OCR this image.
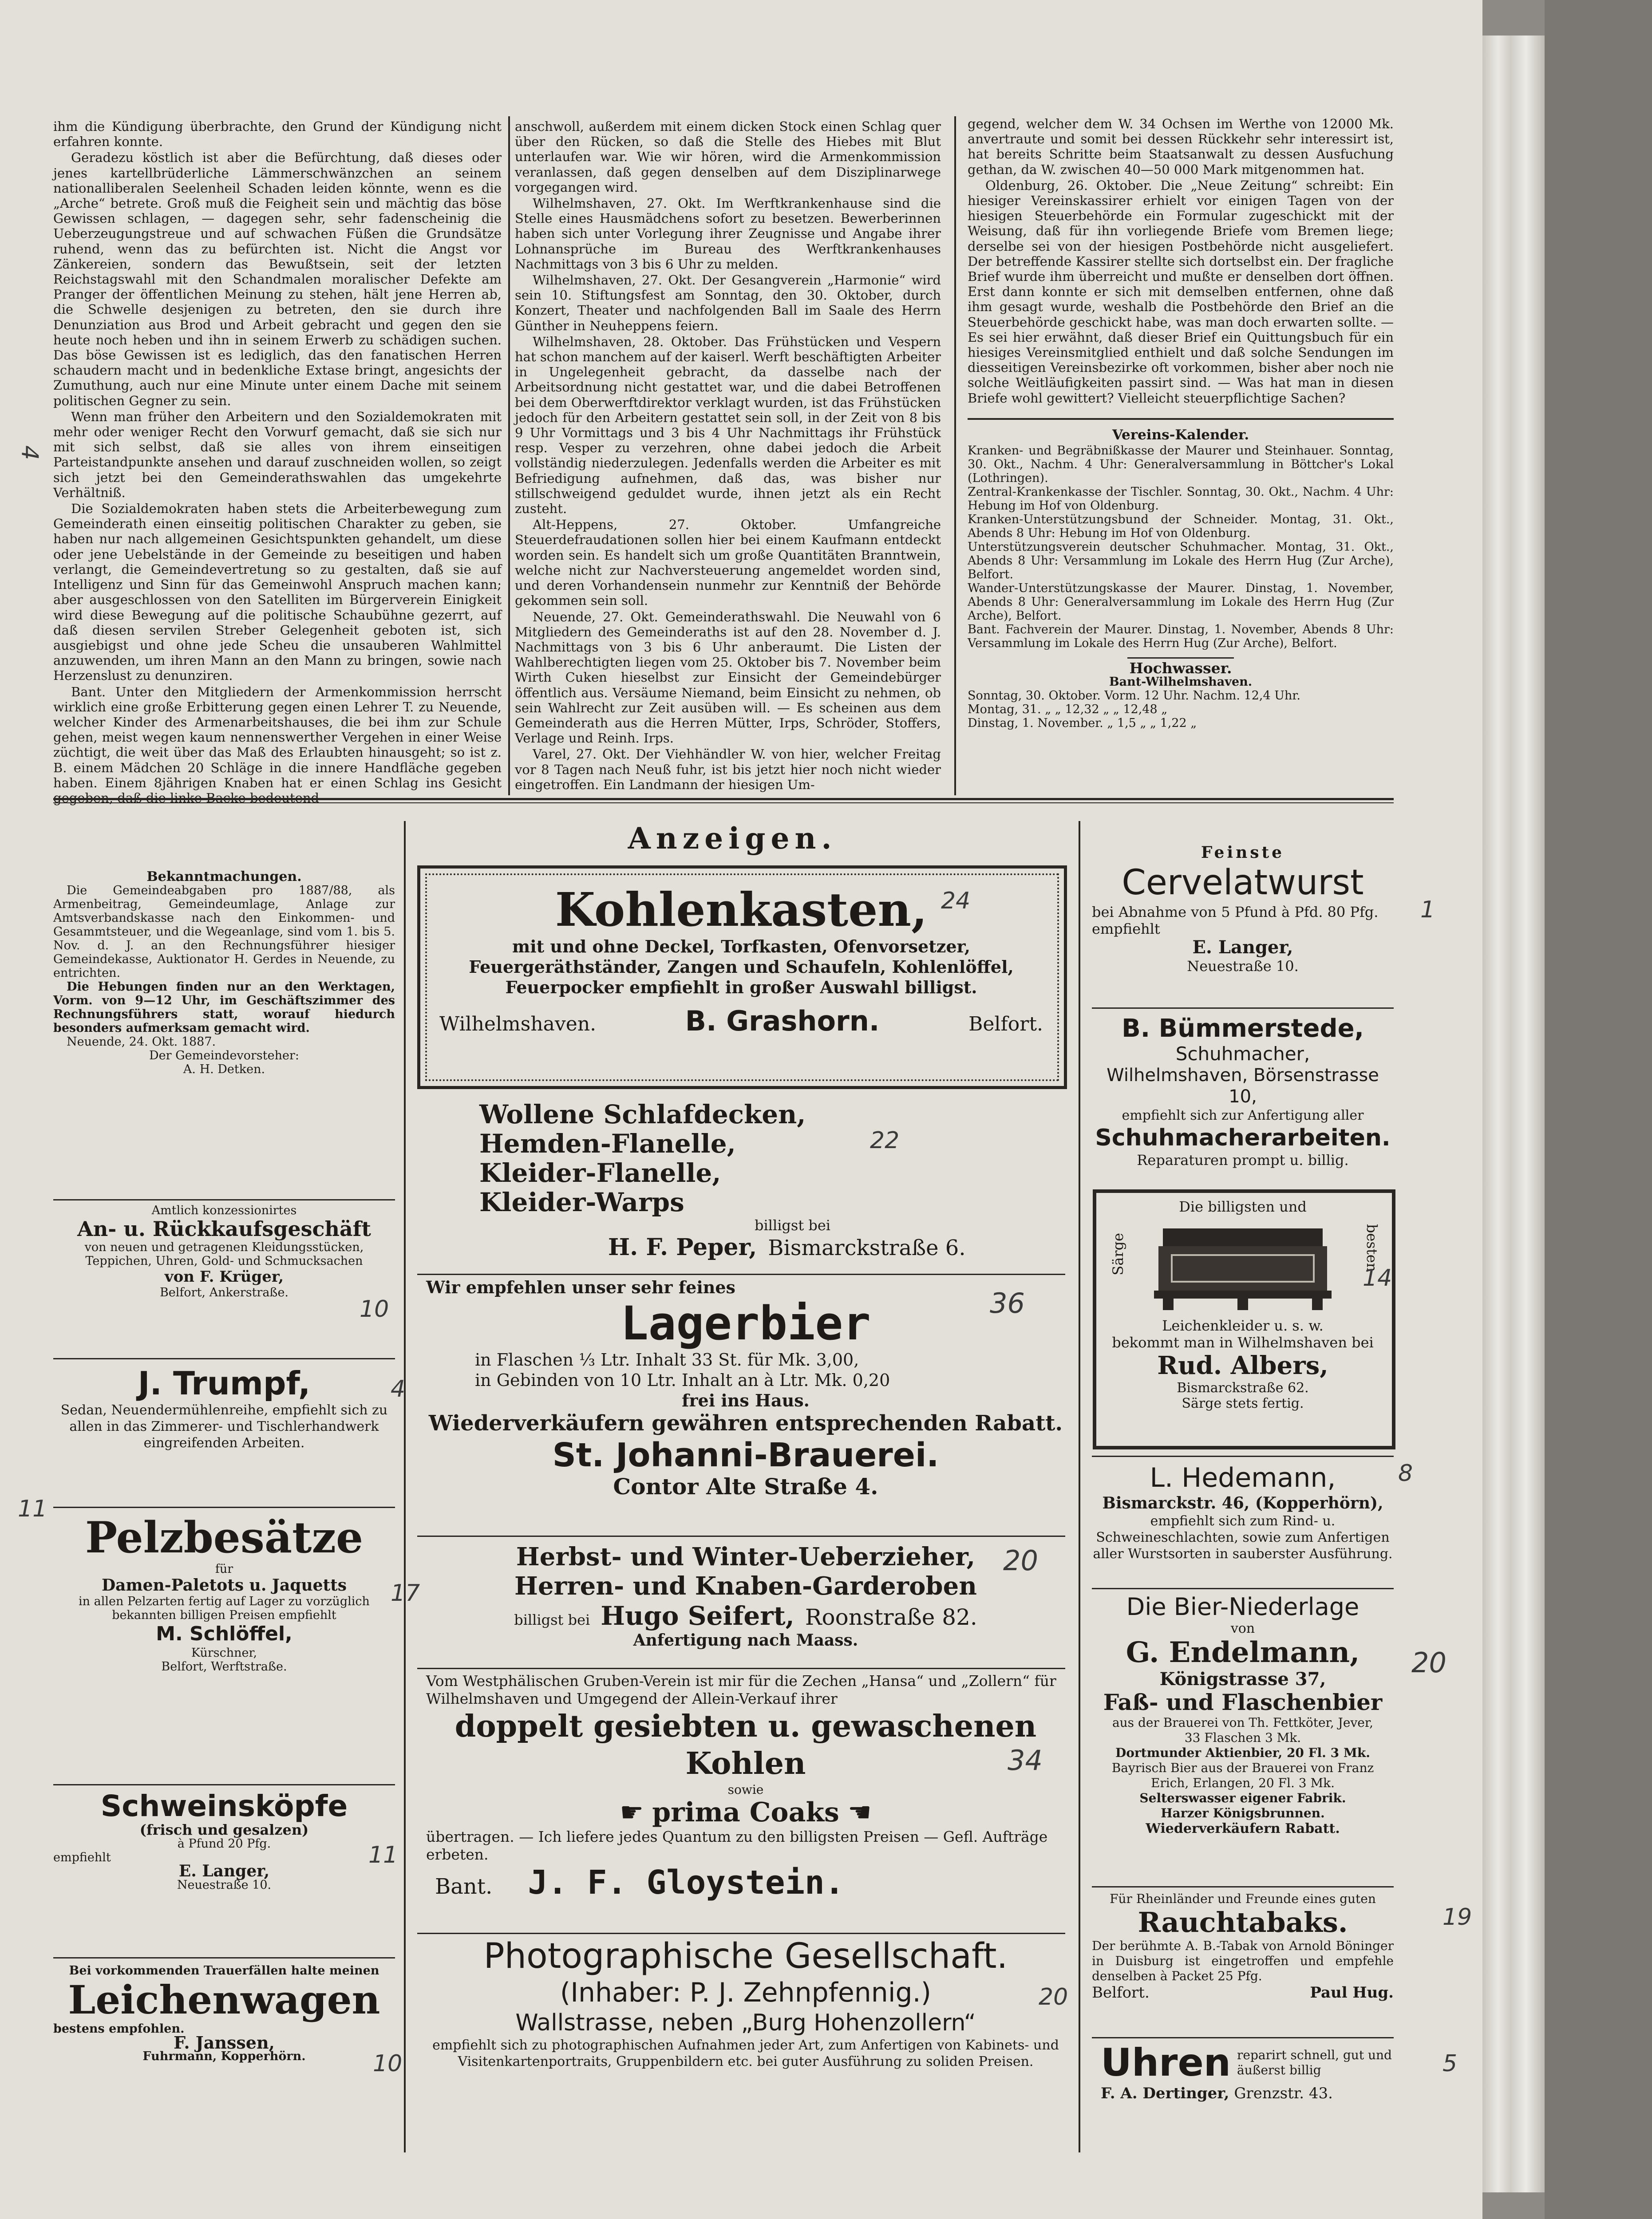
ihm die Kündigung überbrachte, den Grund der Kündigung nicht erfahren konnte.

Geradezu köstlich ist aber die Befürchtung, daß dieses oder jenes kartellbrüderliche Lämmerschwänzchen an seinem nationalliberalen Seelenheil Schaden leiden könnte, wenn es die „Arche“ betrete. Groß muß die Feigheit sein und mächtig das böse Gewissen schlagen, — dagegen sehr, sehr fadenscheinig die Ueberzeugungstreue und auf schwachen Füßen die Grundsätze ruhend, wenn das zu befürchten ist. Nicht die Angst vor Zänkereien, sondern das Bewußtsein, seit der letzten Reichstagswahl mit den Schandmalen moralischer Defekte am Pranger der öffentlichen Meinung zu stehen, hält jene Herren ab, die Schwelle desjenigen zu betreten, den sie durch ihre Denunziation aus Brod und Arbeit gebracht und gegen den sie heute noch heben und ihn in seinem Erwerb zu schädigen suchen. Das böse Gewissen ist es lediglich, das den fanatischen Herren schaudern macht und in bedenkliche Extase bringt, angesichts der Zumuthung, auch nur eine Minute unter einem Dache mit seinem politischen Gegner zu sein.

Wenn man früher den Arbeitern und den Sozialdemokraten mit mehr oder weniger Recht den Vorwurf gemacht, daß sie sich nur mit sich selbst, daß sie alles von ihrem einseitigen Parteistandpunkte ansehen und darauf zuschneiden wollen, so zeigt sich jetzt bei den Gemeinderathswahlen das umgekehrte Verhältniß.

Die Sozialdemokraten haben stets die Arbeiterbewegung zum Gemeinderath einen einseitig politischen Charakter zu geben, sie haben nur nach allgemeinen Gesichtspunkten gehandelt, um diese oder jene Uebelstände in der Gemeinde zu beseitigen und haben verlangt, die Gemeindevertretung so zu gestalten, daß sie auf Intelligenz und Sinn für das Gemeinwohl Anspruch machen kann; aber ausgeschlossen von den Satelliten im Bürgerverein Einigkeit wird diese Bewegung auf die politische Schaubühne gezerrt, auf daß diesen servilen Streber Gelegenheit geboten ist, sich ausgiebigst und ohne jede Scheu die unsauberen Wahlmittel anzuwenden, um ihren Mann an den Mann zu bringen, sowie nach Herzenslust zu denunziren.

Bant. Unter den Mitgliedern der Armenkommission herrscht wirklich eine große Erbitterung gegen einen Lehrer T. zu Neuende, welcher Kinder des Armenarbeitshauses, die bei ihm zur Schule gehen, meist wegen kaum nennenswerther Vergehen in einer Weise züchtigt, die weit über das Maß des Erlaubten hinausgeht; so ist z. B. einem Mädchen 20 Schläge in die innere Handfläche gegeben haben. Einem 8jährigen Knaben hat er einen Schlag ins Gesicht

anschwoll, außerdem mit einem dicken Stock einen Schlag quer über den Rücken, so daß die Stelle des Hiebes mit Blut unterlaufen war. Wie wir hören, wird die Armenkommission veranlassen, daß gegen denselben auf dem Disziplinarwege vorgegangen wird.

Wilhelmshaven, 27. Okt. Im Werftkrankenhause sind die Stelle eines Hausmädchens sofort zu besetzen. Bewerberinnen haben sich unter Vorlegung ihrer Zeugnisse und Angabe ihrer Lohnansprüche im Bureau des Werftkrankenhauses Nachmittags von 3 bis 6 Uhr zu melden.

Wilhelmshaven, 27. Okt. Der Gesangverein „Harmonie“ wird sein 10. Stiftungsfest am Sonntag, den 30. Oktober, durch Konzert, Theater und nachfolgenden Ball im Saale des Herrn Günther in Neuheppens feiern.

Wilhelmshaven, 28. Oktober. Das Frühstücken und Vespern hat schon manchem auf der kaiserl. Werft beschäftigten Arbeiter in Ungelegenheit gebracht, da dasselbe nach der Arbeitsordnung nicht gestattet war, und die dabei Betroffenen bei dem Oberwerftdirektor verklagt wurden, ist das Frühstücken jedoch für den Arbeitern gestattet sein soll, in der Zeit von 8 bis 9 Uhr Vormittags und 3 bis 4 Uhr Nachmittags ihr Frühstück resp. Vesper zu verzehren, ohne dabei jedoch die Arbeit vollständig niederzulegen. Jedenfalls werden die Arbeiter es mit Befriedigung aufnehmen, daß das, was bisher nur stillschweigend geduldet wurde, ihnen jetzt als ein Recht zusteht.

Alt-Heppens, 27. Oktober. Umfangreiche Steuerdefraudationen sollen hier bei einem Kaufmann entdeckt worden sein. Es handelt sich um große Quantitäten Branntwein, welche nicht zur Nachversteuerung angemeldet worden sind, und deren Vorhandensein nunmehr zur Kenntniß der Behörde gekommen sein soll.

Neuende, 27. Okt. Gemeinderathswahl. Die Neuwahl von 6 Mitgliedern des Gemeinderaths ist auf den 28. November d. J. Nachmittags von 3 bis 6 Uhr anberaumt. Die Listen der Wahlberechtigten liegen vom 25. Oktober bis 7. November beim Wirth Cuken hieselbst zur Einsicht der Gemeindebürger öffentlich aus. Versäume Niemand, beim Einsicht zu nehmen, ob sein Wahlrecht zur Zeit ausüben will. — Es scheinen aus dem Gemeinderath aus die Herren Mütter, Irps, Schröder, Stoffers, Verlage und Reinh. Irps.

Varel, 27. Okt. Der Viehhändler W. von hier, welcher Freitag vor 8 Tagen nach Neuß fuhr, ist bis jetzt hier noch nicht wieder eingetroffen. Ein Landmann der hiesigen Um-

gegend, welcher dem W. 34 Ochsen im Werthe von 12000 Mk. anvertraute und somit bei dessen Rückkehr sehr interessirt ist, hat bereits Schritte beim Staatsanwalt zu dessen Ausfuchung gethan, da W. zwischen 40—50 000 Mark mitgenommen hat.

Oldenburg, 26. Oktober. Die „Neue Zeitung“ schreibt: Ein hiesiger Vereinskassirer erhielt vor einigen Tagen von der hiesigen Steuerbehörde ein Formular zugeschickt mit der Weisung, daß für ihn vorliegende Briefe vom Bremen liege; derselbe sei von der hiesigen Postbehörde nicht ausgeliefert. Der betreffende Kassirer stellte sich dortselbst ein. Der fragliche Brief wurde ihm überreicht und mußte er denselben dort öffnen. Erst dann konnte er sich mit demselben entfernen, ohne daß ihm gesagt wurde, weshalb die Postbehörde den Brief an die Steuerbehörde geschickt habe, was man doch erwarten sollte. — Es sei hier erwähnt, daß dieser Brief ein Quittungsbuch für ein hiesiges Vereinsmitglied enthielt und daß solche Sendungen im diesseitigen Vereinsbezirke oft vorkommen, bisher aber noch nie solche Weitläufigkeiten passirt sind. — Was hat man in diesen Briefe wohl gewittert? Vielleicht steuerpflichtige Sachen?

Vereins-Kalender.
Kranken- und Begräbnißkasse der Maurer und Steinhauer. Sonntag, 30. Okt., Nachm. 4 Uhr: Generalversammlung in Böttcher's Lokal (Lothringen).
Zentral-Krankenkasse der Tischler. Sonntag, 30. Okt., Nachm. 4 Uhr: Hebung im Hof von Oldenburg.
Kranken-Unterstützungsbund der Schneider. Montag, 31. Okt., Abends 8 Uhr: Hebung im Hof von Oldenburg.
Unterstützungsverein deutscher Schuhmacher. Montag, 31. Okt., Abends 8 Uhr: Versammlung im Lokale des Herrn Hug (Zur Arche), Belfort.
Wander-Unterstützungskasse der Maurer. Dinstag, 1. November, Abends 8 Uhr: Generalversammlung im Lokale des Herrn Hug (Zur Arche), Belfort.
Bant. Fachverein der Maurer. Dinstag, 1. November, Abends 8 Uhr: Versammlung im Lokale des Herrn Hug (Zur Arche), Belfort.
Hochwasser.
Bant-Wilhelmshaven.
Sonntag, 30. Oktober. Vorm. 12 Uhr. Nachm. 12,4 Uhr.
Montag, 31. „ „ 12,32 „ „ 12,48 „
Dinstag, 1. November. „ 1,5 „ „ 1,22 „
Anzeigen.
Bekanntmachungen.
Die Gemeindeabgaben pro 1887/88, als Armenbeitrag, Gemeindeumlage, Anlage zur Amtsverbandskasse nach den Einkommen- und Gesammtsteuer, und die Wegeanlage, sind vom 1. bis 5. Nov. d. J. an den Rechnungsführer hiesiger Gemeindekasse, Auktionator H. Gerdes in Neuende, zu entrichten.
Die Hebungen finden nur an den Werktagen, Vorm. von 9—12 Uhr, im Geschäftszimmer des Rechnungsführers statt, worauf hiedurch besonders aufmerksam gemacht wird.
Neuende, 24. Okt. 1887.
Der Gemeindevorsteher:
A. H. Detken.
Amtlich konzessionirtes
An- u. Rückkaufsgeschäft
von neuen und getragenen Kleidungsstücken, Teppichen, Uhren, Gold- und Schmucksachen
von F. Krüger,
Belfort, Ankerstraße.
J. Trumpf,
Sedan, Neuendermühlenreihe, empfiehlt sich zu allen in das Zimmerer- und Tischlerhandwerk eingreifenden Arbeiten.
Pelzbesätze
für
Damen-Paletots u. Jaquetts
in allen Pelzarten fertig auf Lager zu vorzüglich bekannten billigen Preisen empfiehlt
M. Schlöffel,
Kürschner,
Belfort, Werftstraße.
Schweinsköpfe
(frisch und gesalzen)
à Pfund 20 Pfg.
empfiehlt
E. Langer,
Neuestraße 10.
Bei vorkommenden Trauerfällen halte meinen
Leichenwagen
bestens empfohlen.
F. Janssen,
Fuhrmann, Kopperhörn.
Kohlenkasten,
mit und ohne Deckel, Torfkasten, Ofenvorsetzer, Feuergeräthständer, Zangen und Schaufeln, Kohlenlöffel, Feuerpocker empfiehlt in großer Auswahl billigst.
Wilhelmshaven.	B. Grashorn.	Belfort.
Wollene Schlafdecken,
Hemden-Flanelle,
Kleider-Flanelle,
Kleider-Warps
billigst bei
H. F. Peper, Bismarckstraße 6.
Wir empfehlen unser sehr feines
Lagerbier
in Flaschen ⅓ Ltr. Inhalt 33 St. für Mk. 3,00,
in Gebinden von 10 Ltr. Inhalt an à Ltr. Mk. 0,20
frei ins Haus.
Wiederverkäufern gewähren entsprechenden Rabatt.
St. Johanni-Brauerei.
Contor Alte Straße 4.
Herbst- und Winter-Ueberzieher,
Herren- und Knaben-Garderoben
billigst bei Hugo Seifert, Roonstraße 82.
Anfertigung nach Maass.
Vom Westphälischen Gruben-Verein ist mir für die Zechen „Hansa“ und „Zollern“ für Wilhelmshaven und Umgegend der Allein-Verkauf ihrer
doppelt gesiebten u. gewaschenen Kohlen
sowie
☛ prima Coaks ☛
übertragen. — Ich liefere jedes Quantum zu den billigsten Preisen — Gefl. Aufträge erbeten.
Bant. J. F. Gloystein.
Photographische Gesellschaft.
(Inhaber: P. J. Zehnpfennig.)
Wallstrasse, neben „Burg Hohenzollern“
empfiehlt sich zu photographischen Aufnahmen jeder Art, zum Anfertigen von Kabinets- und Visitenkartenportraits, Gruppenbildern etc. bei guter Ausführung zu soliden Preisen.
Feinste
Cervelatwurst
bei Abnahme von 5 Pfund à Pfd. 80 Pfg. empfiehlt
E. Langer,
Neuestraße 10.
B. Bümmerstede,
Schuhmacher,
Wilhelmshaven, Börsenstrasse 10,
empfiehlt sich zur Anfertigung aller
Schuhmacherarbeiten.
Reparaturen prompt u. billig.
Die billigsten und
Särge	besten
Leichenkleider u. s. w.
bekommt man in Wilhelmshaven bei
Rud. Albers,
Bismarckstraße 62.
Särge stets fertig.
L. Hedemann,
Bismarckstr. 46, (Kopperhörn),
empfiehlt sich zum Rind- u. Schweineschlachten, sowie zum Anfertigen aller Wurstsorten in sauberster Ausführung.
Die Bier-Niederlage
von
G. Endelmann,
Königstrasse 37,
Faß- und Flaschenbier
aus der Brauerei von Th. Fettköter, Jever,
33 Flaschen 3 Mk.
Dortmunder Aktienbier, 20 Fl. 3 Mk.
Bayrisch Bier aus der Brauerei von Franz Erich, Erlangen, 20 Fl. 3 Mk.
Selterswasser eigener Fabrik.
Harzer Königsbrunnen.
Wiederverkäufern Rabatt.
Für Rheinländer und Freunde eines guten
Rauchtabaks.
Der berühmte A. B.-Tabak von Arnold Böninger in Duisburg ist eingetroffen und empfehle denselben à Packet 25 Pfg.
Belfort.	Paul Hug.
Uhren reparirt schnell, gut und äußerst billig
F. A. Dertinger, Grenzstr. 43.
24
22
36
20
34
20
8
10
4
11
14
17
20
19
5
11
10
4
1
